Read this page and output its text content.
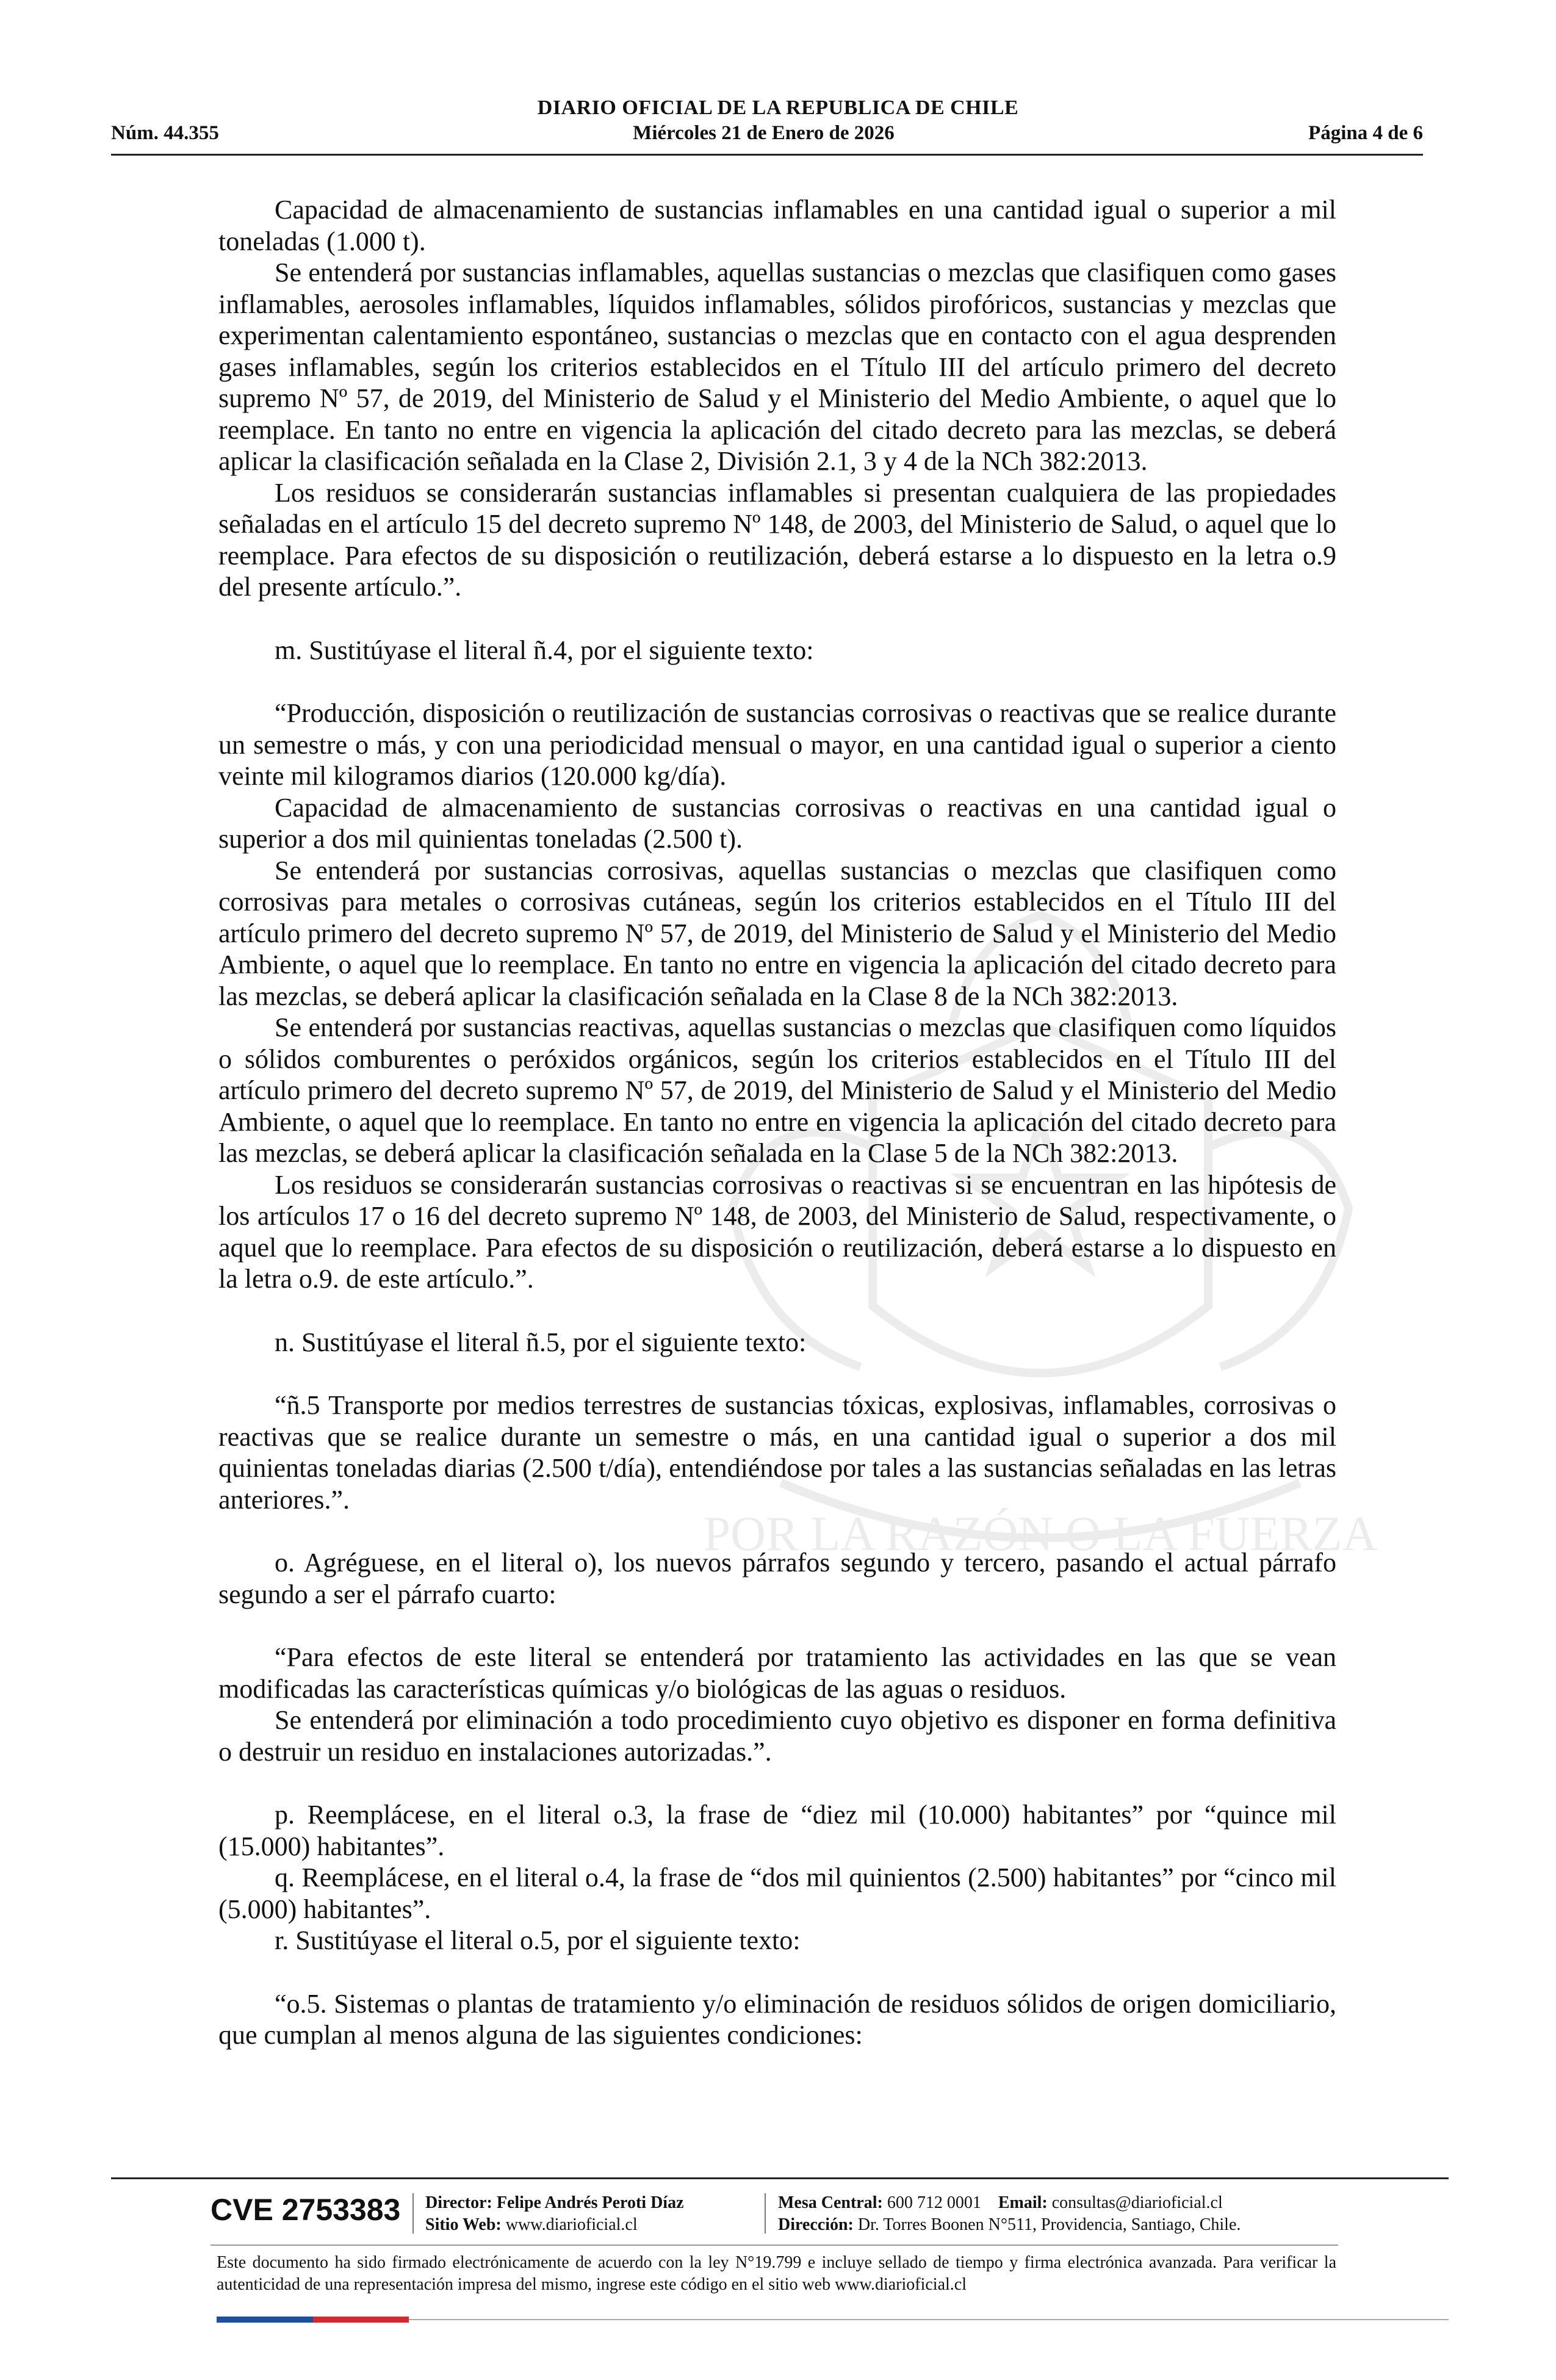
POR LA RAZÓN O LA FUERZA
DIARIO OFICIAL DE LA REPUBLICA DE CHILE
Núm. 44.355	Miércoles 21 de Enero de 2026	Página 4 de 6

Capacidad de almacenamiento de sustancias inflamables en una cantidad igual o superior a mil toneladas (1.000 t).

Se entenderá por sustancias inflamables, aquellas sustancias o mezclas que clasifiquen como gases inflamables, aerosoles inflamables, líquidos inflamables, sólidos pirofóricos, sustancias y mezclas que experimentan calentamiento espontáneo, sustancias o mezclas que en contacto con el agua desprenden gases inflamables, según los criterios establecidos en el Título III del artículo primero del decreto supremo Nº 57, de 2019, del Ministerio de Salud y el Ministerio del Medio Ambiente, o aquel que lo reemplace. En tanto no entre en vigencia la aplicación del citado decreto para las mezclas, se deberá aplicar la clasificación señalada en la Clase 2, División 2.1, 3 y 4 de la NCh 382:2013.

Los residuos se considerarán sustancias inflamables si presentan cualquiera de las propiedades señaladas en el artículo 15 del decreto supremo Nº 148, de 2003, del Ministerio de Salud, o aquel que lo reemplace. Para efectos de su disposición o reutilización, deberá estarse a lo dispuesto en la letra o.9 del presente artículo.”.

m. Sustitúyase el literal ñ.4, por el siguiente texto:

“Producción, disposición o reutilización de sustancias corrosivas o reactivas que se realice durante un semestre o más, y con una periodicidad mensual o mayor, en una cantidad igual o superior a ciento veinte mil kilogramos diarios (120.000 kg/día).

Capacidad de almacenamiento de sustancias corrosivas o reactivas en una cantidad igual o superior a dos mil quinientas toneladas (2.500 t).

Se entenderá por sustancias corrosivas, aquellas sustancias o mezclas que clasifiquen como corrosivas para metales o corrosivas cutáneas, según los criterios establecidos en el Título III del artículo primero del decreto supremo Nº 57, de 2019, del Ministerio de Salud y el Ministerio del Medio Ambiente, o aquel que lo reemplace. En tanto no entre en vigencia la aplicación del citado decreto para las mezclas, se deberá aplicar la clasificación señalada en la Clase 8 de la NCh 382:2013.

Se entenderá por sustancias reactivas, aquellas sustancias o mezclas que clasifiquen como líquidos o sólidos comburentes o peróxidos orgánicos, según los criterios establecidos en el Título III del artículo primero del decreto supremo Nº 57, de 2019, del Ministerio de Salud y el Ministerio del Medio Ambiente, o aquel que lo reemplace. En tanto no entre en vigencia la aplicación del citado decreto para las mezclas, se deberá aplicar la clasificación señalada en la Clase 5 de la NCh 382:2013.

Los residuos se considerarán sustancias corrosivas o reactivas si se encuentran en las hipótesis de los artículos 17 o 16 del decreto supremo Nº 148, de 2003, del Ministerio de Salud, respectivamente, o aquel que lo reemplace. Para efectos de su disposición o reutilización, deberá estarse a lo dispuesto en la letra o.9. de este artículo.”.

n. Sustitúyase el literal ñ.5, por el siguiente texto:

“ñ.5 Transporte por medios terrestres de sustancias tóxicas, explosivas, inflamables, corrosivas o reactivas que se realice durante un semestre o más, en una cantidad igual o superior a dos mil quinientas toneladas diarias (2.500 t/día), entendiéndose por tales a las sustancias señaladas en las letras anteriores.”.

o. Agréguese, en el literal o), los nuevos párrafos segundo y tercero, pasando el actual párrafo segundo a ser el párrafo cuarto:

“Para efectos de este literal se entenderá por tratamiento las actividades en las que se vean modificadas las características químicas y/o biológicas de las aguas o residuos.

Se entenderá por eliminación a todo procedimiento cuyo objetivo es disponer en forma definitiva o destruir un residuo en instalaciones autorizadas.”.

p. Reemplácese, en el literal o.3, la frase de “diez mil (10.000) habitantes” por “quince mil (15.000) habitantes”.

q. Reemplácese, en el literal o.4, la frase de “dos mil quinientos (2.500) habitantes” por “cinco mil (5.000) habitantes”.

r. Sustitúyase el literal o.5, por el siguiente texto:

“o.5. Sistemas o plantas de tratamiento y/o eliminación de residuos sólidos de origen domiciliario, que cumplan al menos alguna de las siguientes condiciones:

CVE 2753383 Director: Felipe Andrés Peroti Díaz
Sitio Web: www.diarioficial.cl
Mesa Central: 600 712 0001 Email: consultas@diarioficial.cl
Dirección: Dr. Torres Boonen N°511, Providencia, Santiago, Chile.
Este documento ha sido firmado electrónicamente de acuerdo con la ley N°19.799 e incluye sellado de tiempo y firma electrónica avanzada. Para verificar la autenticidad de una representación impresa del mismo, ingrese este código en el sitio web www.diarioficial.cl
